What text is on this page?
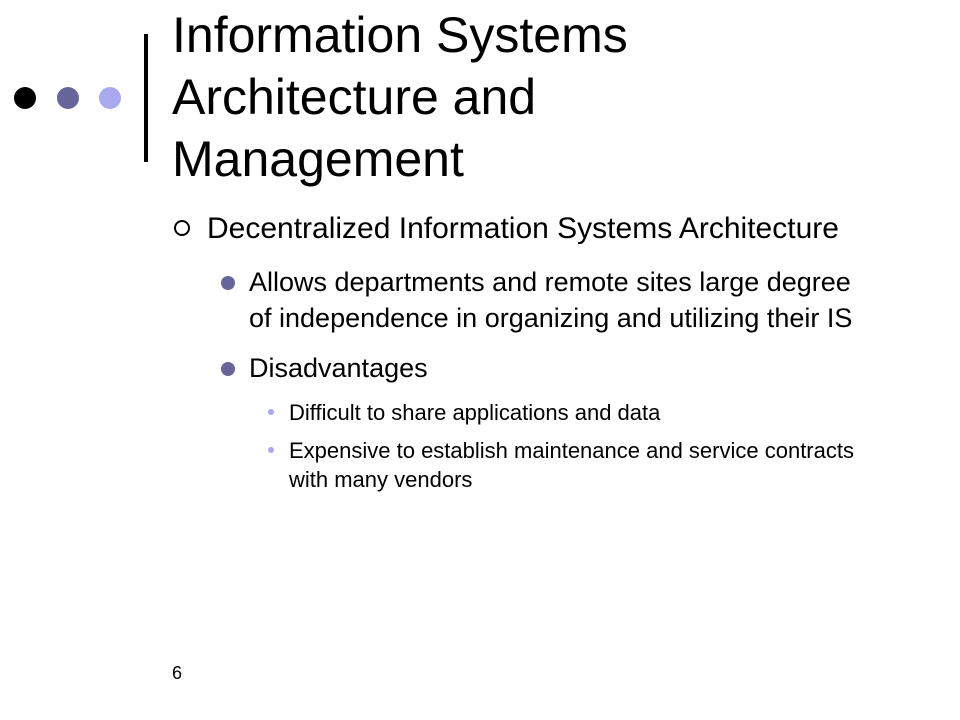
Information Systems
Architecture and
Management
Decentralized Information Systems Architecture
Allows departments and remote sites large degree of independence in organizing and utilizing their IS
Disadvantages
Difficult to share applications and data
Expensive to establish maintenance and service contracts with many vendors
6
